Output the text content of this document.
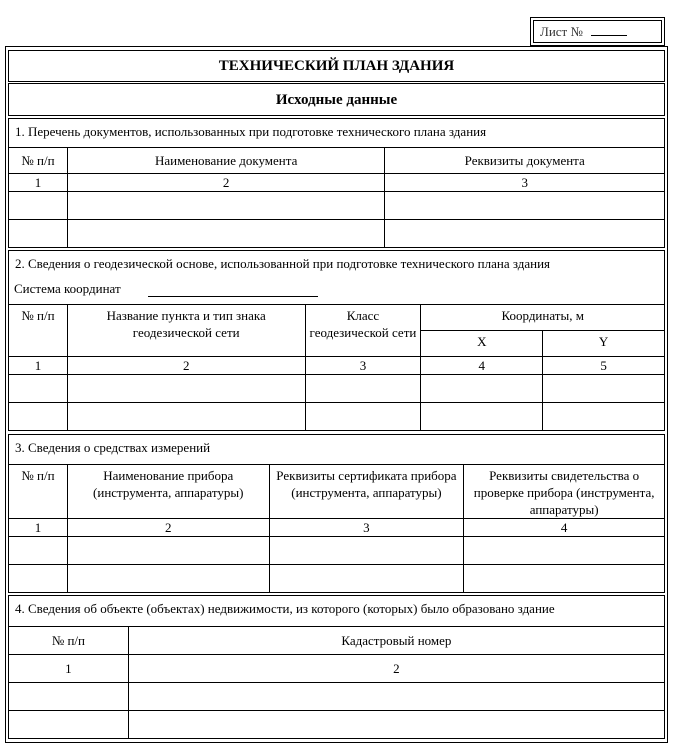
Лист №
ТЕХНИЧЕСКИЙ ПЛАН ЗДАНИЯ
Исходные данные
1. Перечень документов, использованных при подготовке технического плана здания
№ п/п	Наименование документа	Реквизиты документа
1	2	3

2. Сведения о геодезической основе, использованной при подготовке технического плана здания
Система координат
№ п/п	Название пункта и тип знака геодезической сети	Класс геодезической сети	Координаты, м	
			X	Y
1	2	3	4	5

3. Сведения о средствах измерений
№ п/п	Наименование прибора (инструмента, аппаратуры)	Реквизиты сертификата прибора (инструмента, аппаратуры)	Реквизиты свидетельства о проверке прибора (инструмента, аппаратуры)
1	2	3	4

4. Сведения об объекте (объектах) недвижимости, из которого (которых) было образовано здание
№ п/п	Кадастровый номер
1	2
